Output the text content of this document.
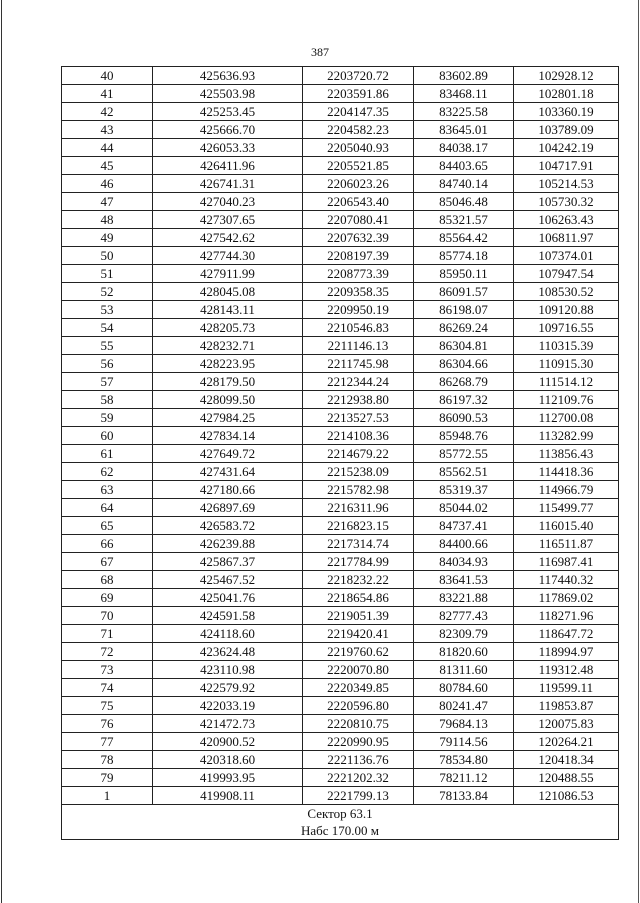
387
40	425636.93	2203720.72	83602.89	102928.12
41	425503.98	2203591.86	83468.11	102801.18
42	425253.45	2204147.35	83225.58	103360.19
43	425666.70	2204582.23	83645.01	103789.09
44	426053.33	2205040.93	84038.17	104242.19
45	426411.96	2205521.85	84403.65	104717.91
46	426741.31	2206023.26	84740.14	105214.53
47	427040.23	2206543.40	85046.48	105730.32
48	427307.65	2207080.41	85321.57	106263.43
49	427542.62	2207632.39	85564.42	106811.97
50	427744.30	2208197.39	85774.18	107374.01
51	427911.99	2208773.39	85950.11	107947.54
52	428045.08	2209358.35	86091.57	108530.52
53	428143.11	2209950.19	86198.07	109120.88
54	428205.73	2210546.83	86269.24	109716.55
55	428232.71	2211146.13	86304.81	110315.39
56	428223.95	2211745.98	86304.66	110915.30
57	428179.50	2212344.24	86268.79	111514.12
58	428099.50	2212938.80	86197.32	112109.76
59	427984.25	2213527.53	86090.53	112700.08
60	427834.14	2214108.36	85948.76	113282.99
61	427649.72	2214679.22	85772.55	113856.43
62	427431.64	2215238.09	85562.51	114418.36
63	427180.66	2215782.98	85319.37	114966.79
64	426897.69	2216311.96	85044.02	115499.77
65	426583.72	2216823.15	84737.41	116015.40
66	426239.88	2217314.74	84400.66	116511.87
67	425867.37	2217784.99	84034.93	116987.41
68	425467.52	2218232.22	83641.53	117440.32
69	425041.76	2218654.86	83221.88	117869.02
70	424591.58	2219051.39	82777.43	118271.96
71	424118.60	2219420.41	82309.79	118647.72
72	423624.48	2219760.62	81820.60	118994.97
73	423110.98	2220070.80	81311.60	119312.48
74	422579.92	2220349.85	80784.60	119599.11
75	422033.19	2220596.80	80241.47	119853.87
76	421472.73	2220810.75	79684.13	120075.83
77	420900.52	2220990.95	79114.56	120264.21
78	420318.60	2221136.76	78534.80	120418.34
79	419993.95	2221202.32	78211.12	120488.55
1	419908.11	2221799.13	78133.84	121086.53

Сектор 63.1
Набс 170.00 м				
